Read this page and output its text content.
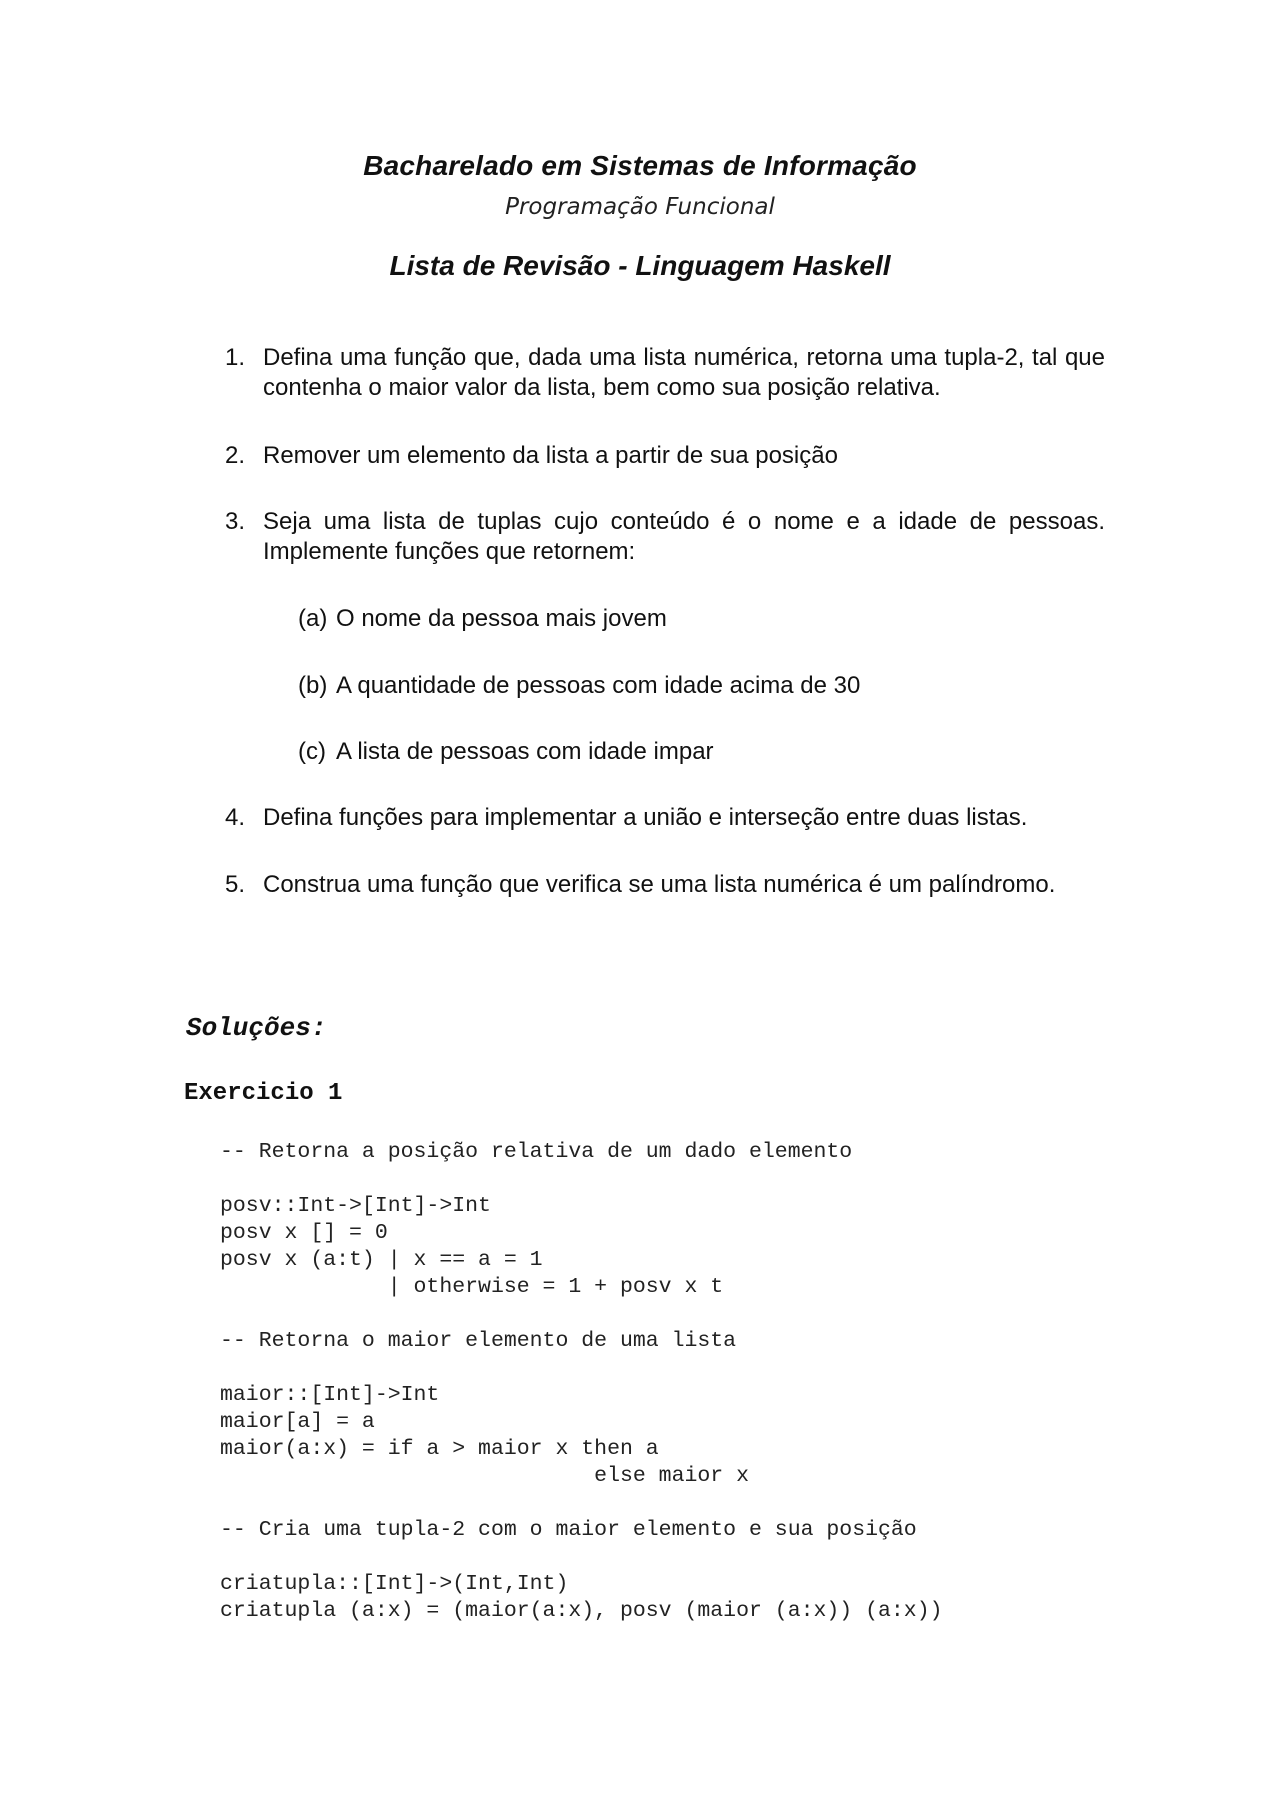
Bacharelado em Sistemas de Informação
Programação Funcional
Lista de Revisão - Linguagem Haskell
1. Defina uma função que, dada uma lista numérica, retorna uma tupla-2, tal que contenha o maior valor da lista, bem como sua posição relativa.
2. Remover um elemento da lista a partir de sua posição
3. Seja uma lista de tuplas cujo conteúdo é o nome e a idade de pessoas. Implemente funções que retornem:
(a) O nome da pessoa mais jovem
(b) A quantidade de pessoas com idade acima de 30
(c) A lista de pessoas com idade impar
4. Defina funções para implementar a união e interseção entre duas listas.
5. Construa uma função que verifica se uma lista numérica é um palíndromo.
Soluções:
Exercicio 1
-- Retorna a posição relativa de um dado elemento
posv::Int->[Int]->Int
posv x [] = 0
posv x (a:t) | x == a = 1
| otherwise = 1 + posv x t
-- Retorna o maior elemento de uma lista
maior::[Int]->Int
maior[a] = a
maior(a:x) = if a > maior x then a
else maior x
-- Cria uma tupla-2 com o maior elemento e sua posição
criatupla::[Int]->(Int,Int)
criatupla (a:x) = (maior(a:x), posv (maior (a:x)) (a:x))
